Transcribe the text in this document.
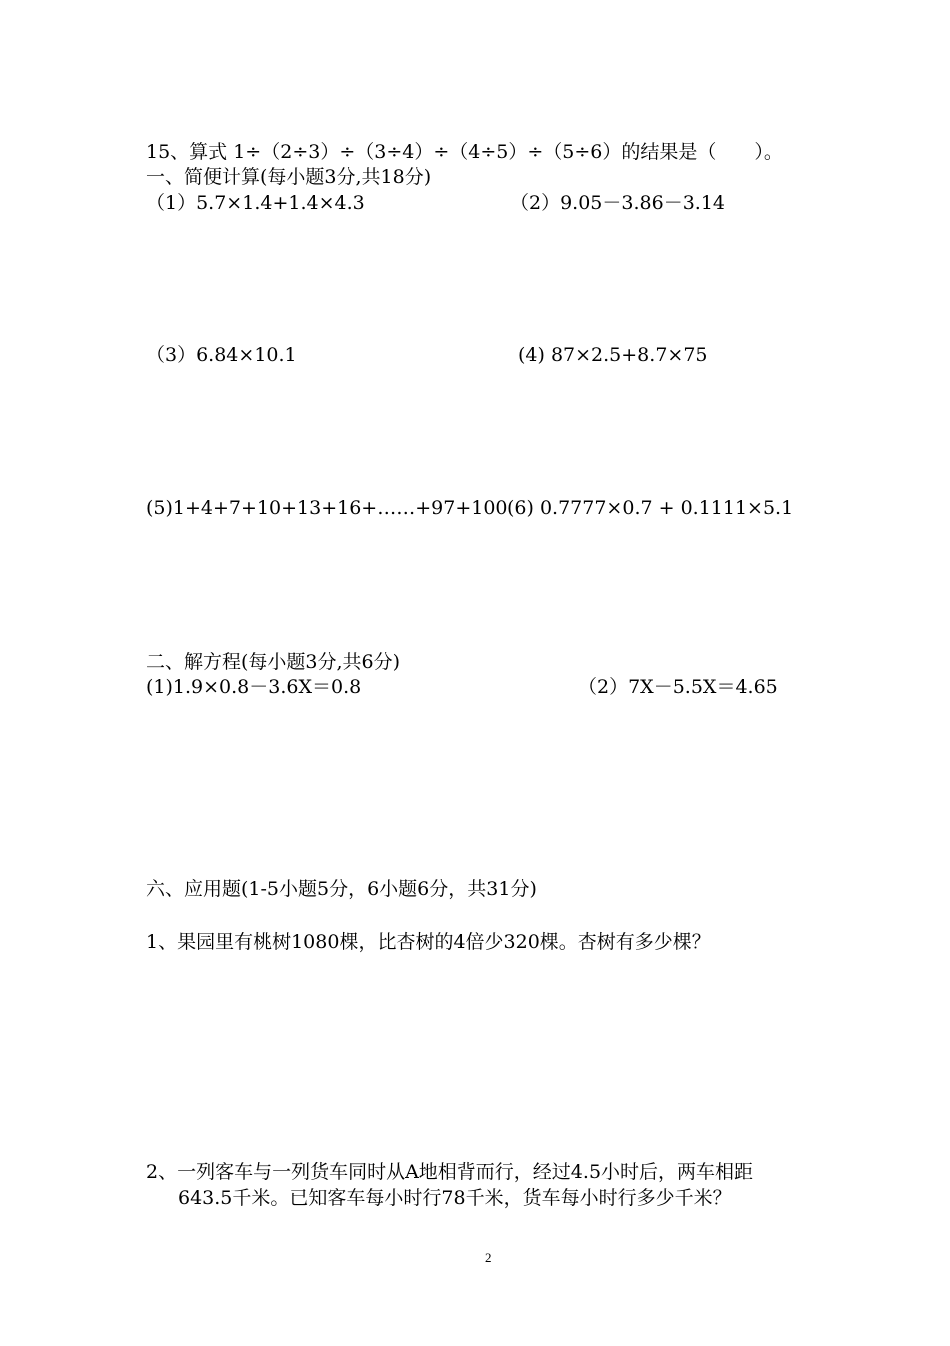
15、算式 1÷（2÷3）÷（3÷4）÷（4÷5）÷（5÷6）的结果是（　　）。
一、简便计算(每小题3分,共18分)
（1）5.7×1.4+1.4×4.3	（2）9.05－3.86－3.14
（3）6.84×10.1	(4) 87×2.5+8.7×75
(5)1+4+7+10+13+16+……+97+100 (6) 0.7777×0.7 + 0.1111×5.1
二、解方程(每小题3分,共6分)
(1)1.9×0.8－3.6X＝0.8	（2）7X－5.5X＝4.65
六、应用题(1-5小题5分，6小题6分，共31分)
1、果园里有桃树1080棵，比杏树的4倍少320棵。杏树有多少棵？
2、一列客车与一列货车同时从A地相背而行，经过4.5小时后，两车相距
643.5千米。已知客车每小时行78千米，货车每小时行多少千米？
2
